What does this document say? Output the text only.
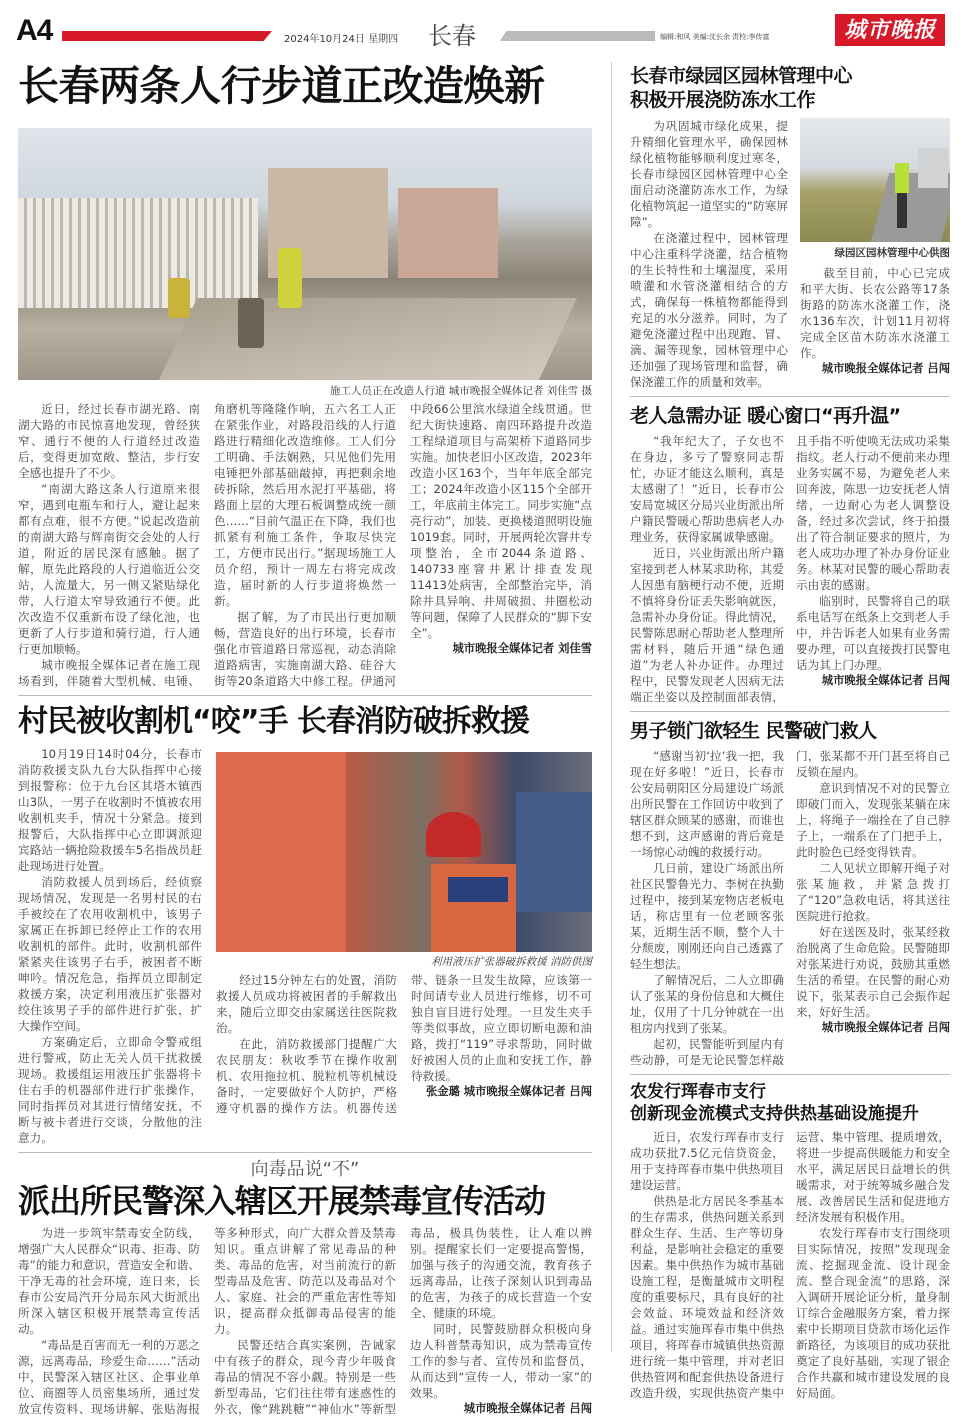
A4	2024年10月24日 星期四 长春	编辑:和风 美编:沈长余 责校:李传富	城市晚报
长春两条人行步道正改造焕新
施工人员正在改造人行道 城市晚报全媒体记者 刘佳雪 摄

近日，经过长春市湖光路、南湖大路的市民惊喜地发现，曾经狭窄、通行不便的人行道经过改造后，变得更加宽敞、整洁，步行安全感也提升了不少。

“南湖大路这条人行道原来很窄，遇到电瓶车和行人，避让起来都有点难，很不方便。”说起改造前的南湖大路与辉南街交会处的人行道，附近的居民深有感触。据了解，原先此路段的人行道临近公交站，人流量大，另一侧又紧贴绿化带，人行道太窄导致通行不便。此次改造不仅重新布设了绿化池，也更新了人行步道和骑行道，行人通行更加顺畅。

城市晚报全媒体记者在施工现场看到，伴随着大型机械、电锤、角磨机等隆隆作响，五六名工人正在紧张作业，对路段沿线的人行道路进行精细化改造维修。工人们分工明确、手法娴熟，只见他们先用电锤把外部基础敲掉，再把剩余地砖拆除，然后用水泥打平基础，将路面上层的大理石板调整成统一颜色……“目前气温正在下降，我们也抓紧有利施工条件，争取尽快完工，方便市民出行。”据现场施工人员介绍，预计一周左右将完成改造，届时新的人行步道将焕然一新。

据了解，为了市民出行更加顺畅，营造良好的出行环境，长春市强化市管道路日常巡视，动态消除道路病害，实施南湖大路、硅谷大街等20条道路大中修工程。伊通河中段66公里滨水绿道全线贯通。世纪大街快速路、南四环路提升改造工程绿道项目与高架桥下道路同步实施。加快老旧小区改造，2023年改造小区163个，当年年底全部完工；2024年改造小区115个全部开工，年底前主体完工。同步实施“点亮行动”，加装、更换楼道照明设施1019套。同时，开展两轮次窨井专项整治，全市2044条道路、140733座窨井累计排查发现11413处病害，全部整治完毕，消除井具异响、井周破损、井圈松动等问题，保障了人民群众的“脚下安全”。

城市晚报全媒体记者 刘佳雪
村民被收割机“咬”手 长春消防破拆救援

10月19日14时04分，长春市消防救援支队九台大队指挥中心接到报警称：位于九台区其塔木镇西山3队，一男子在收割时不慎被农用收割机夹手，情况十分紧急。接到报警后，大队指挥中心立即调派迎宾路站一辆抢险救援车5名指战员赶赴现场进行处置。

消防救援人员到场后，经侦察现场情况，发现是一名男村民的右手被绞在了农用收割机中，该男子家属正在拆卸已经停止工作的农用收割机的部件。此时，收割机部件紧紧夹住该男子右手，被困者不断呻吟。情况危急，指挥员立即制定救援方案，决定利用液压扩张器对绞住该男子手的部件进行扩张，扩大操作空间。

方案确定后，立即命令警戒组进行警戒，防止无关人员干扰救援现场。救援组运用液压扩张器将卡住右手的机器部件进行扩张操作，同时指挥员对其进行情绪安抚，不断与被卡者进行交谈，分散他的注意力。

利用液压扩张器破拆救援 消防供图

经过15分钟左右的处置，消防救援人员成功将被困者的手解救出来，随后立即交由家属送往医院救治。

在此，消防救援部门提醒广大农民朋友：秋收季节在操作收割机、农用拖拉机、脱粒机等机械设备时，一定要做好个人防护，严格遵守机器的操作方法。机器传送带、链条一旦发生故障，应该第一时间请专业人员进行维修，切不可独自盲目进行处理。一旦发生夹手等类似事故，应立即切断电源和油路，拨打“119”寻求帮助，同时做好被困人员的止血和安抚工作，静待救援。

张金璐 城市晚报全媒体记者 吕闯
向毒品说“不”
派出所民警深入辖区开展禁毒宣传活动

为进一步筑牢禁毒安全防线，增强广大人民群众“识毒、拒毒、防毒”的能力和意识，营造安全和谐、干净无毒的社会环境，连日来，长春市公安局汽开分局东风大街派出所深入辖区积极开展禁毒宣传活动。

“毒品是百害而无一利的万恶之源，远离毒品，珍爱生命……”活动中，民警深入辖区社区、企事业单位、商圈等人员密集场所，通过发放宣传资料、现场讲解、张贴海报等多种形式，向广大群众普及禁毒知识。重点讲解了常见毒品的种类、毒品的危害，对当前流行的新型毒品及危害、防范以及毒品对个人、家庭、社会的严重危害性等知识，提高群众抵御毒品侵害的能力。

民警还结合真实案例，告诫家中有孩子的群众，现今青少年吸食毒品的情况不容小觑。特别是一些新型毒品，它们往往带有迷惑性的外衣，像“跳跳糖”“神仙水”等新型毒品，极具伪装性，让人难以辨别。提醒家长们一定要提高警惕，加强与孩子的沟通交流，教育孩子远离毒品，让孩子深刻认识到毒品的危害，为孩子的成长营造一个安全、健康的环境。

同时，民警鼓励群众积极向身边人科普禁毒知识，成为禁毒宣传工作的参与者、宣传员和监督员，从而达到“宣传一人，带动一家”的效果。

城市晚报全媒体记者 吕闯
长春市绿园区园林管理中心
积极开展浇防冻水工作

为巩固城市绿化成果，提升精细化管理水平，确保园林绿化植物能够顺利度过寒冬，长春市绿园区园林管理中心全面启动浇灌防冻水工作，为绿化植物筑起一道坚实的“防寒屏障”。

在浇灌过程中，园林管理中心注重科学浇灌，结合植物的生长特性和土壤湿度，采用喷灌和水管浇灌相结合的方式，确保每一株植物都能得到充足的水分滋养。同时，为了避免浇灌过程中出现跑、冒、滴、漏等现象，园林管理中心还加强了现场管理和监督，确保浇灌工作的质量和效率。

绿园区园林管理中心供图

截至目前，中心已完成和平大街、长农公路等17条街路的防冻水浇灌工作，浇水136车次，计划11月初将完成全区苗木防冻水浇灌工作。

城市晚报全媒体记者 吕闯
老人急需办证 暖心窗口“再升温”

“我年纪大了，子女也不在身边，多亏了警察同志帮忙，办证才能这么顺利，真是太感谢了！”近日，长春市公安局宽城区分局兴业街派出所户籍民警暖心帮助患病老人办理业务，获得家属诚挚感谢。

近日，兴业街派出所户籍室接到老人林某求助称，其爱人因患有脑梗行动不便，近期不慎将身份证丢失影响就医，急需补办身份证。得此情况，民警陈思耐心帮助老人整理所需材料，随后开通“绿色通道”为老人补办证件。办理过程中，民警发现老人因病无法端正坐姿以及控制面部表情，且手指不听使唤无法成功采集指纹。老人行动不便前来办理业务实属不易，为避免老人来回奔波，陈思一边安抚老人情绪，一边耐心为老人调整设备，经过多次尝试，终于拍摄出了符合制证要求的照片，为老人成功办理了补办身份证业务。林某对民警的暖心帮助表示由衷的感谢。

临别时，民警将自己的联系电话写在纸条上交到老人手中，并告诉老人如果有业务需要办理，可以直接拨打民警电话为其上门办理。

城市晚报全媒体记者 吕闯
男子锁门欲轻生 民警破门救人

“感谢当初‘拉’我一把，我现在好多啦！”近日，长春市公安局朝阳区分局建设广场派出所民警在工作回访中收到了辖区群众顾某的感谢，而谁也想不到，这声感谢的背后竟是一场惊心动魄的救援行动。

几日前，建设广场派出所社区民警鲁光力、李树在执勤过程中，接到某宠物店老板电话，称店里有一位老顾客张某，近期生活不顺，整个人十分颓废，刚刚还向自己透露了轻生想法。

了解情况后，二人立即确认了张某的身份信息和大概住址，仅用了十几分钟就在一出租房内找到了张某。

起初，民警能听到屋内有些动静，可是无论民警怎样敲门，张某都不开门甚至将自己反锁在屋内。

意识到情况不对的民警立即破门而入，发现张某躺在床上，将绳子一端拴在了自己脖子上，一端系在了门把手上，此时脸色已经变得铁青。

二人见状立即解开绳子对张某施救，并紧急拨打了“120”急救电话，将其送往医院进行抢救。

好在送医及时，张某经救治脱离了生命危险。民警随即对张某进行劝说，鼓励其重燃生活的希望。在民警的耐心劝说下，张某表示自己会振作起来，好好生活。

城市晚报全媒体记者 吕闯
农发行珲春市支行
创新现金流模式支持供热基础设施提升

近日，农发行珲春市支行成功获批7.5亿元信贷资金，用于支持珲春市集中供热项目建设运营。

供热是北方居民冬季基本的生存需求，供热问题关系到群众生存、生活、生产等切身利益，是影响社会稳定的重要因素。集中供热作为城市基础设施工程，是衡量城市文明程度的重要标尺，具有良好的社会效益、环境效益和经济效益。通过实施珲春市集中供热项目，将珲春市城镇供热资源进行统一集中管理，并对老旧供热管网和配套供热设备进行改造升级，实现供热资产集中运营、集中管理、提质增效，将进一步提高供暖能力和安全水平，满足居民日益增长的供暖需求，对于统筹城乡融合发展、改善居民生活和促进地方经济发展有积极作用。

农发行珲春市支行围绕项目实际情况，按照“发现现金流、挖掘现金流、设计现金流、整合现金流”的思路，深入调研开展论证分析，量身制订综合金融服务方案，着力探索中长期项目贷款市场化运作新路径，为该项目的成功获批奠定了良好基础，实现了银企合作共赢和城市建设发展的良好局面。
